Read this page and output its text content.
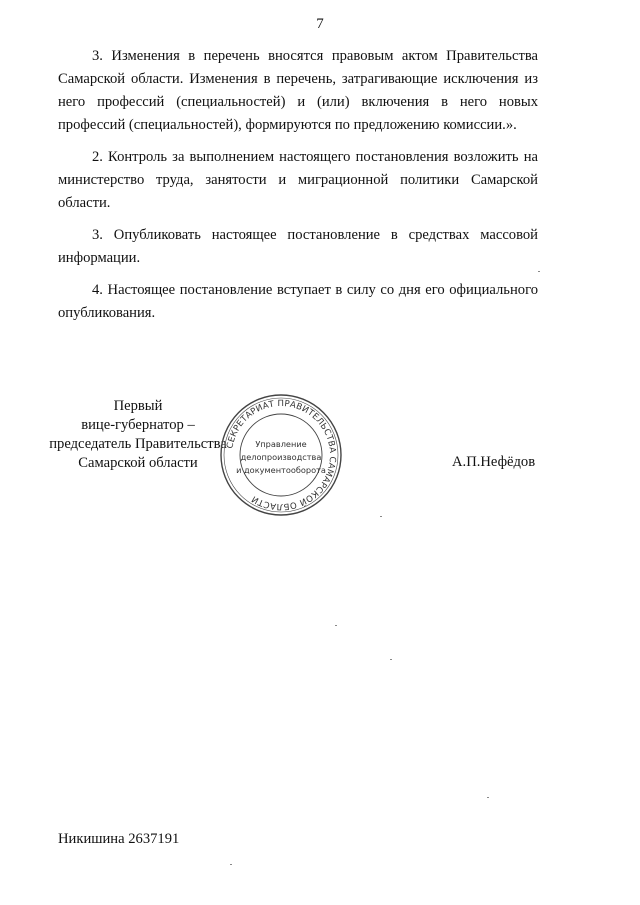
7

3. Изменения в перечень вносятся правовым актом Правительства Самарской области. Изменения в перечень, затрагивающие исключения из него профессий (специальностей) и (или) включения в него новых профессий (специальностей), формируются по предложению комиссии.».

2. Контроль за выполнением настоящего постановления возложить на министерство труда, занятости и миграционной политики Самарской области.

3. Опубликовать настоящее постановление в средствах массовой информации.

4. Настоящее постановление вступает в силу со дня его официального опубликования.

Первый
вице-губернатор –
председатель Правительства
Самарской области
СЕКРЕТАРИАТ ПРАВИТЕЛЬСТВА САМАРСКОЙ ОБЛАСТИ
Управление
делопроизводства
и документооборота	А.П.Нефёдов
Никишина 2637191
